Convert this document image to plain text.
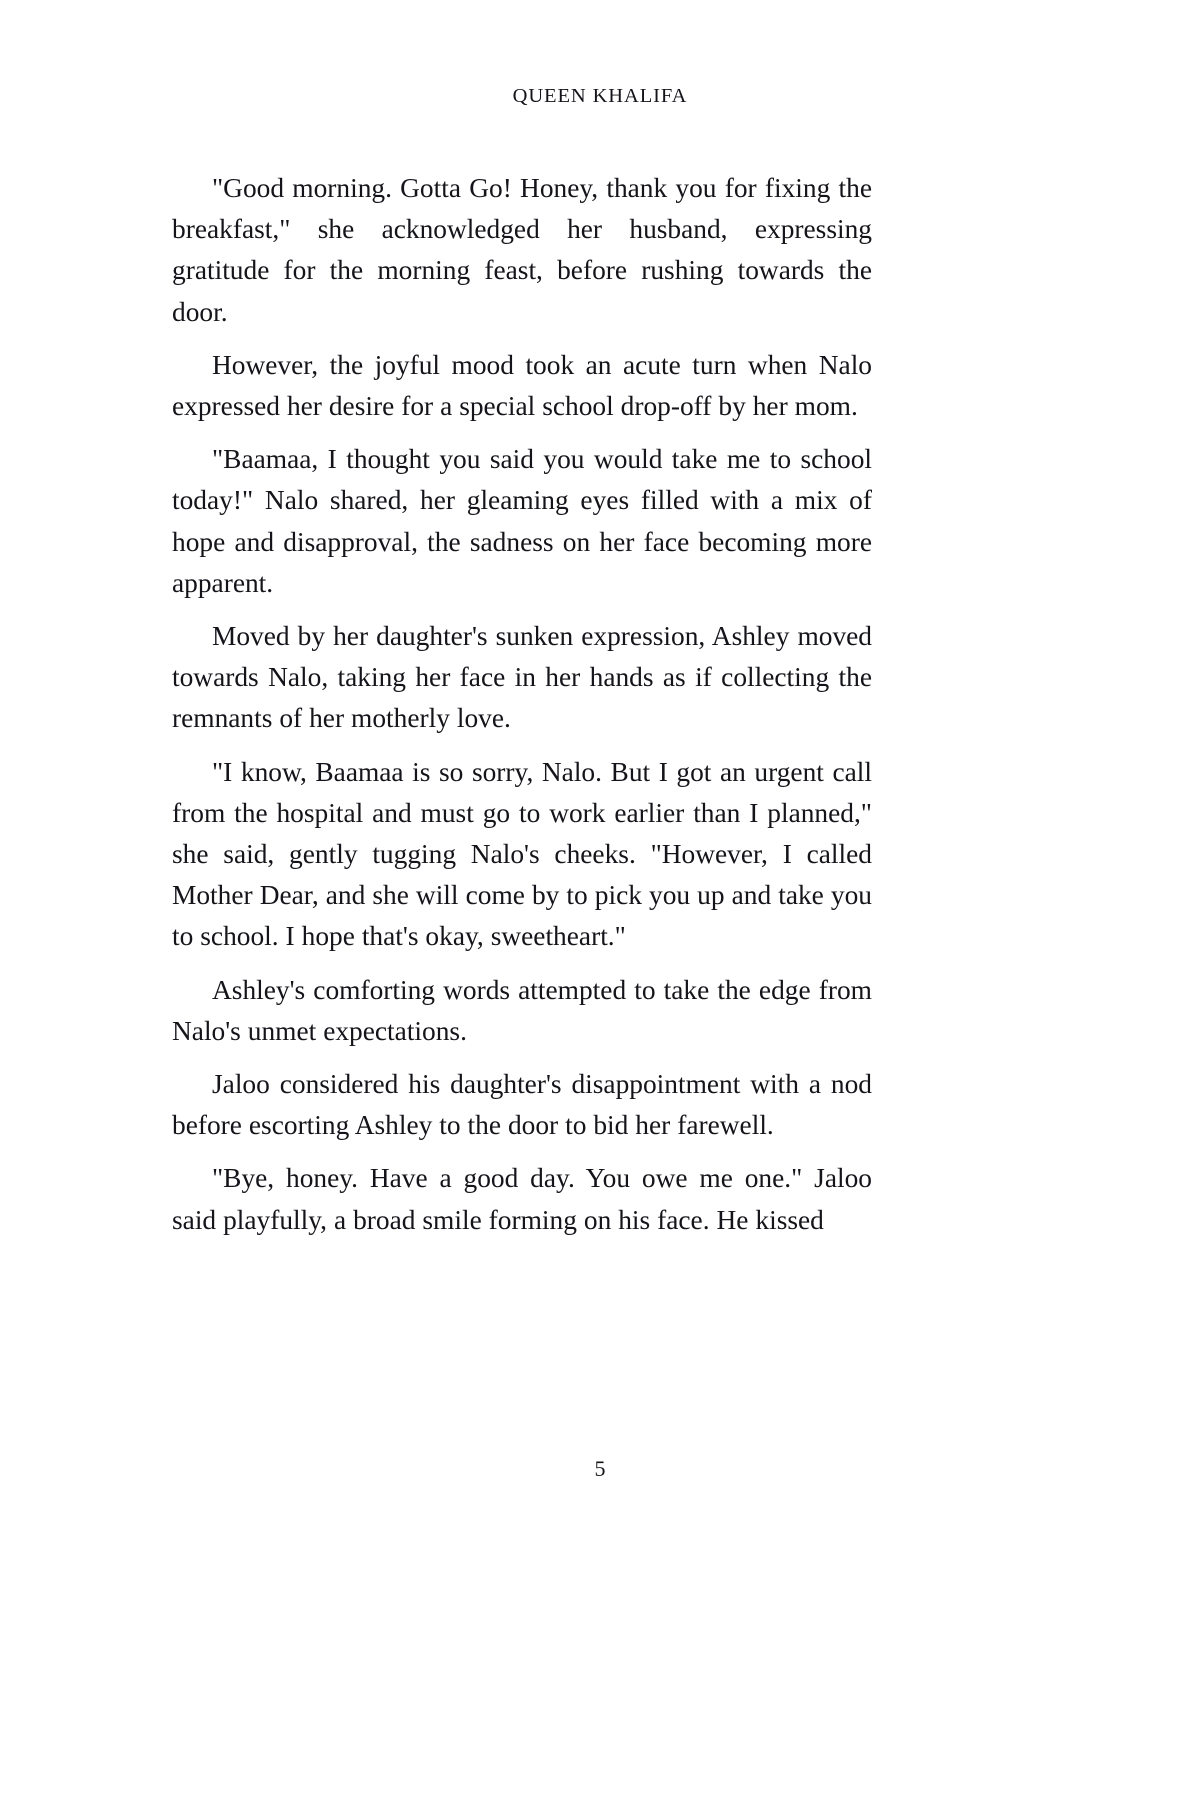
QUEEN KHALIFA

"Good morning. Gotta Go! Honey, thank you for fixing the breakfast," she acknowledged her husband, expressing gratitude for the morning feast, before rushing towards the door.

However, the joyful mood took an acute turn when Nalo expressed her desire for a special school drop-off by her mom.

"Baamaa, I thought you said you would take me to school today!" Nalo shared, her gleaming eyes filled with a mix of hope and disapproval, the sadness on her face becoming more apparent.

Moved by her daughter's sunken expression, Ashley moved towards Nalo, taking her face in her hands as if collecting the remnants of her motherly love.

"I know, Baamaa is so sorry, Nalo. But I got an urgent call from the hospital and must go to work earlier than I planned," she said, gently tugging Nalo's cheeks. "However, I called Mother Dear, and she will come by to pick you up and take you to school. I hope that's okay, sweetheart."

Ashley's comforting words attempted to take the edge from Nalo's unmet expectations.

Jaloo considered his daughter's disappointment with a nod before escorting Ashley to the door to bid her farewell.

"Bye, honey. Have a good day. You owe me one." Jaloo said playfully, a broad smile forming on his face. He kissed

5
